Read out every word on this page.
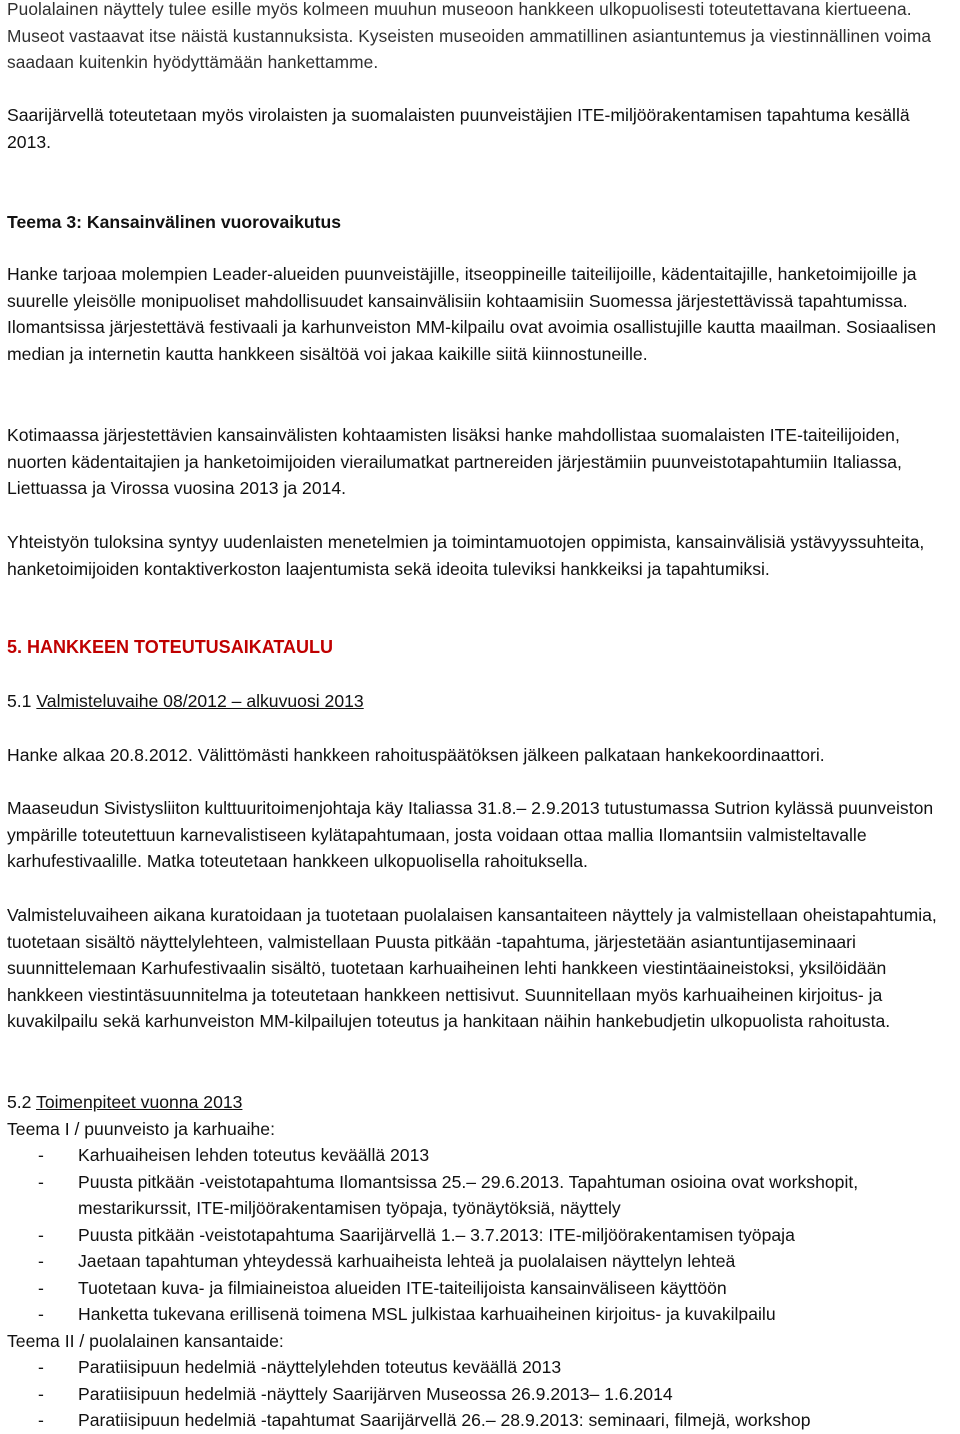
Puolalainen näyttely tulee esille myös kolmeen muuhun museoon hankkeen ulkopuolisesti toteutettavana kiertueena. Museot vastaavat itse näistä kustannuksista. Kyseisten museoiden ammatillinen asiantuntemus ja viestinnällinen voima saadaan kuitenkin hyödyttämään hankettamme.

Saarijärvellä toteutetaan myös virolaisten ja suomalaisten puunveistäjien ITE-miljöörakentamisen tapahtuma kesällä 2013.

Teema 3: Kansainvälinen vuorovaikutus

Hanke tarjoaa molempien Leader-alueiden puunveistäjille, itseoppineille taiteilijoille, kädentaitajille, hanketoimijoille ja suurelle yleisölle monipuoliset mahdollisuudet kansainvälisiin kohtaamisiin Suomessa järjestettävissä tapahtumissa. Ilomantsissa järjestettävä festivaali ja karhunveiston MM-kilpailu ovat avoimia osallistujille kautta maailman. Sosiaalisen median ja internetin kautta hankkeen sisältöä voi jakaa kaikille siitä kiinnostuneille.

Kotimaassa järjestettävien kansainvälisten kohtaamisten lisäksi hanke mahdollistaa suomalaisten ITE-taiteilijoiden, nuorten kädentaitajien ja hanketoimijoiden vierailumatkat partnereiden järjestämiin puunveistotapahtumiin Italiassa, Liettuassa ja Virossa vuosina 2013 ja 2014.

Yhteistyön tuloksina syntyy uudenlaisten menetelmien ja toimintamuotojen oppimista, kansainvälisiä ystävyyssuhteita, hanketoimijoiden kontaktiverkoston laajentumista sekä ideoita tuleviksi hankkeiksi ja tapahtumiksi.

5. HANKKEEN TOTEUTUSAIKATAULU

5.1 Valmisteluvaihe 08/2012 – alkuvuosi 2013

Hanke alkaa 20.8.2012. Välittömästi hankkeen rahoituspäätöksen jälkeen palkataan hankekoordinaattori.

Maaseudun Sivistysliiton kulttuuritoimenjohtaja käy Italiassa 31.8.– 2.9.2013 tutustumassa Sutrion kylässä puunveiston ympärille toteutettuun karnevalistiseen kylätapahtumaan, josta voidaan ottaa mallia Ilomantsiin valmisteltavalle karhufestivaalille. Matka toteutetaan hankkeen ulkopuolisella rahoituksella.

Valmisteluvaiheen aikana kuratoidaan ja tuotetaan puolalaisen kansantaiteen näyttely ja valmistellaan oheistapahtumia, tuotetaan sisältö näyttelylehteen, valmistellaan Puusta pitkään -tapahtuma, järjestetään asiantuntijaseminaari suunnittelemaan Karhufestivaalin sisältö, tuotetaan karhuaiheinen lehti hankkeen viestintäaineistoksi, yksilöidään hankkeen viestintäsuunnitelma ja toteutetaan hankkeen nettisivut. Suunnitellaan myös karhuaiheinen kirjoitus- ja kuvakilpailu sekä karhunveiston MM-kilpailujen toteutus ja hankitaan näihin hankebudjetin ulkopuolista rahoitusta.

5.2 Toimenpiteet vuonna 2013

Teema I / puunveisto ja karhuaihe:

- Karhuaiheisen lehden toteutus keväällä 2013
- Puusta pitkään -veistotapahtuma Ilomantsissa 25.– 29.6.2013. Tapahtuman osioina ovat workshopit, mestarikurssit, ITE-miljöörakentamisen työpaja, työnäytöksiä, näyttely
- Puusta pitkään -veistotapahtuma Saarijärvellä 1.– 3.7.2013: ITE-miljöörakentamisen työpaja
- Jaetaan tapahtuman yhteydessä karhuaiheista lehteä ja puolalaisen näyttelyn lehteä
- Tuotetaan kuva- ja filmiaineistoa alueiden ITE-taiteilijoista kansainväliseen käyttöön
- Hanketta tukevana erillisenä toimena MSL julkistaa karhuaiheinen kirjoitus- ja kuvakilpailu

Teema II / puolalainen kansantaide:

- Paratiisipuun hedelmiä -näyttelylehden toteutus keväällä 2013
- Paratiisipuun hedelmiä -näyttely Saarijärven Museossa 26.9.2013– 1.6.2014
- Paratiisipuun hedelmiä -tapahtumat Saarijärvellä 26.– 28.9.2013: seminaari, filmejä, workshop
